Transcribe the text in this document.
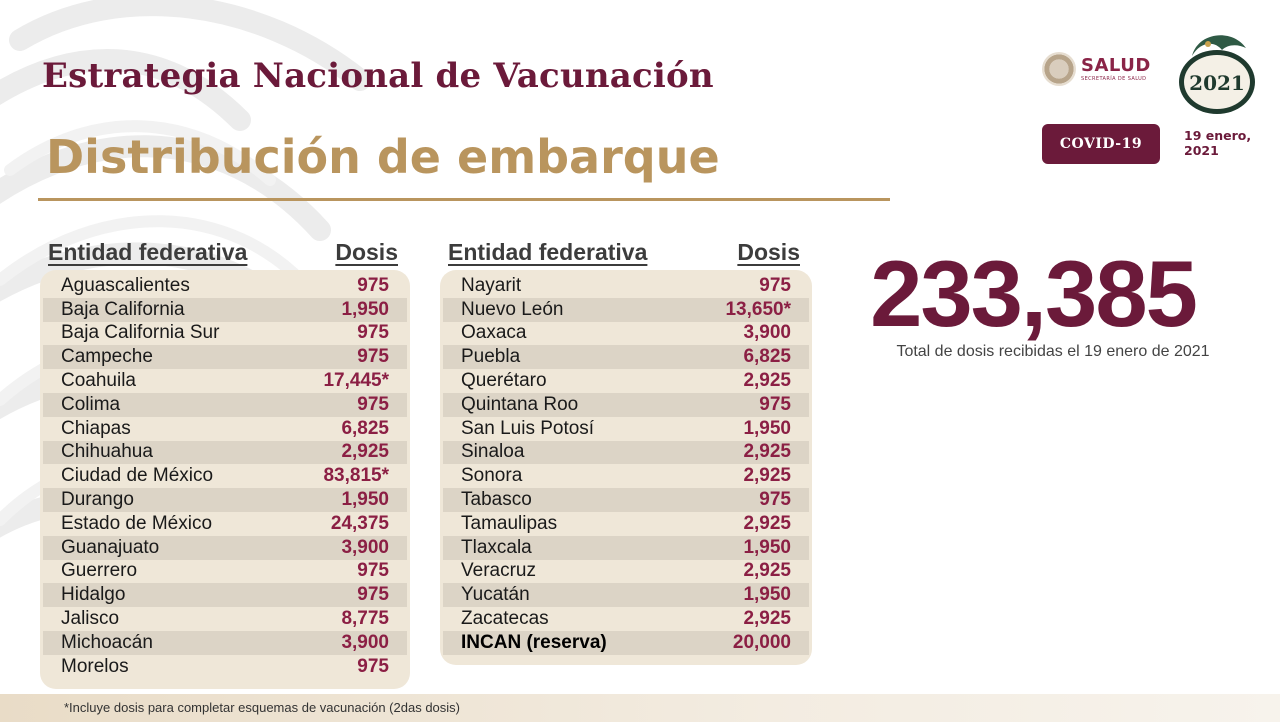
Estrategia Nacional de Vacunación
Distribución de embarque
SALUD
SECRETARÍA DE SALUD 2021
COVID-19
19 enero,
2021
Entidad federativa	Dosis
Aguascalientes	975
Baja California	1,950
Baja California Sur	975
Campeche	975
Coahuila	17,445*
Colima	975
Chiapas	6,825
Chihuahua	2,925
Ciudad de México	83,815*
Durango	1,950
Estado de México	24,375
Guanajuato	3,900
Guerrero	975
Hidalgo	975
Jalisco	8,775
Michoacán	3,900
Morelos	975
Entidad federativa	Dosis
Nayarit	975
Nuevo León	13,650*
Oaxaca	3,900
Puebla	6,825
Querétaro	2,925
Quintana Roo	975
San Luis Potosí	1,950
Sinaloa	2,925
Sonora	2,925
Tabasco	975
Tamaulipas	2,925
Tlaxcala	1,950
Veracruz	2,925
Yucatán	1,950
Zacatecas	2,925
INCAN (reserva)	20,000
233,385
Total de dosis recibidas el 19 enero de 2021
*Incluye dosis para completar esquemas de vacunación (2das dosis)
